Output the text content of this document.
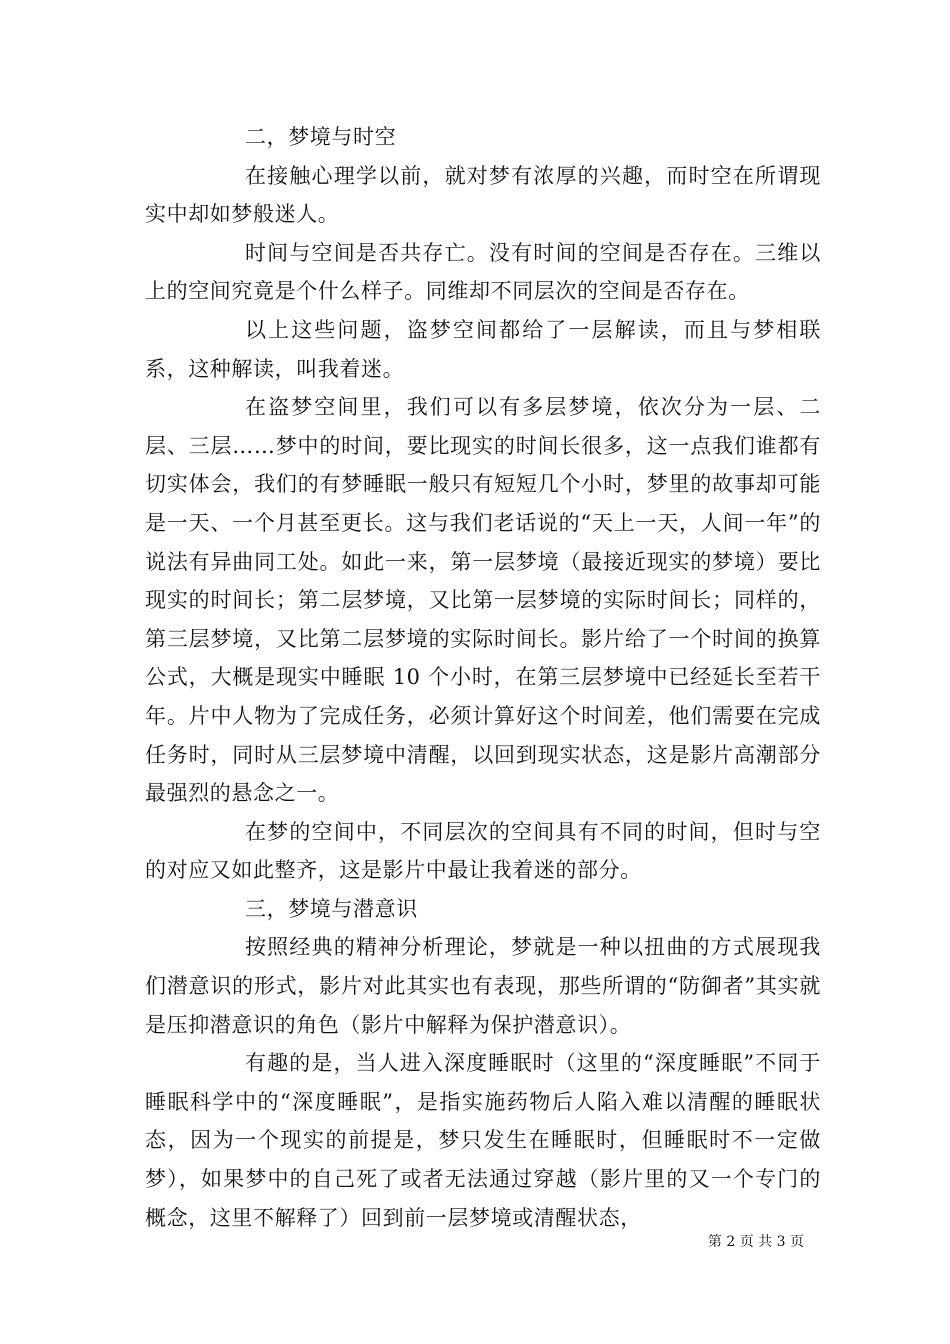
二，梦境与时空

在接触心理学以前，就对梦有浓厚的兴趣，而时空在所谓现实中却如梦般迷人。

时间与空间是否共存亡。没有时间的空间是否存在。三维以上的空间究竟是个什么样子。同维却不同层次的空间是否存在。

以上这些问题，盗梦空间都给了一层解读，而且与梦相联系，这种解读，叫我着迷。

在盗梦空间里，我们可以有多层梦境，依次分为一层、二层、三层……梦中的时间，要比现实的时间长很多，这一点我们谁都有切实体会，我们的有梦睡眠一般只有短短几个小时，梦里的故事却可能是一天、一个月甚至更长。这与我们老话说的“天上一天，人间一年”的说法有异曲同工处。如此一来，第一层梦境（最接近现实的梦境）要比现实的时间长；第二层梦境，又比第一层梦境的实际时间长；同样的，第三层梦境，又比第二层梦境的实际时间长。影片给了一个时间的换算公式，大概是现实中睡眠 10 个小时，在第三层梦境中已经延长至若干年。片中人物为了完成任务，必须计算好这个时间差，他们需要在完成任务时，同时从三层梦境中清醒，以回到现实状态，这是影片高潮部分最强烈的悬念之一。

在梦的空间中，不同层次的空间具有不同的时间，但时与空的对应又如此整齐，这是影片中最让我着迷的部分。

三，梦境与潜意识

按照经典的精神分析理论，梦就是一种以扭曲的方式展现我们潜意识的形式，影片对此其实也有表现，那些所谓的“防御者”其实就是压抑潜意识的角色（影片中解释为保护潜意识）。

有趣的是，当人进入深度睡眠时（这里的“深度睡眠”不同于睡眠科学中的“深度睡眠”，是指实施药物后人陷入难以清醒的睡眠状态，因为一个现实的前提是，梦只发生在睡眠时，但睡眠时不一定做梦），如果梦中的自己死了或者无法通过穿越（影片里的又一个专门的概念，这里不解释了）回到前一层梦境或清醒状态，

第 2 页 共 3 页
